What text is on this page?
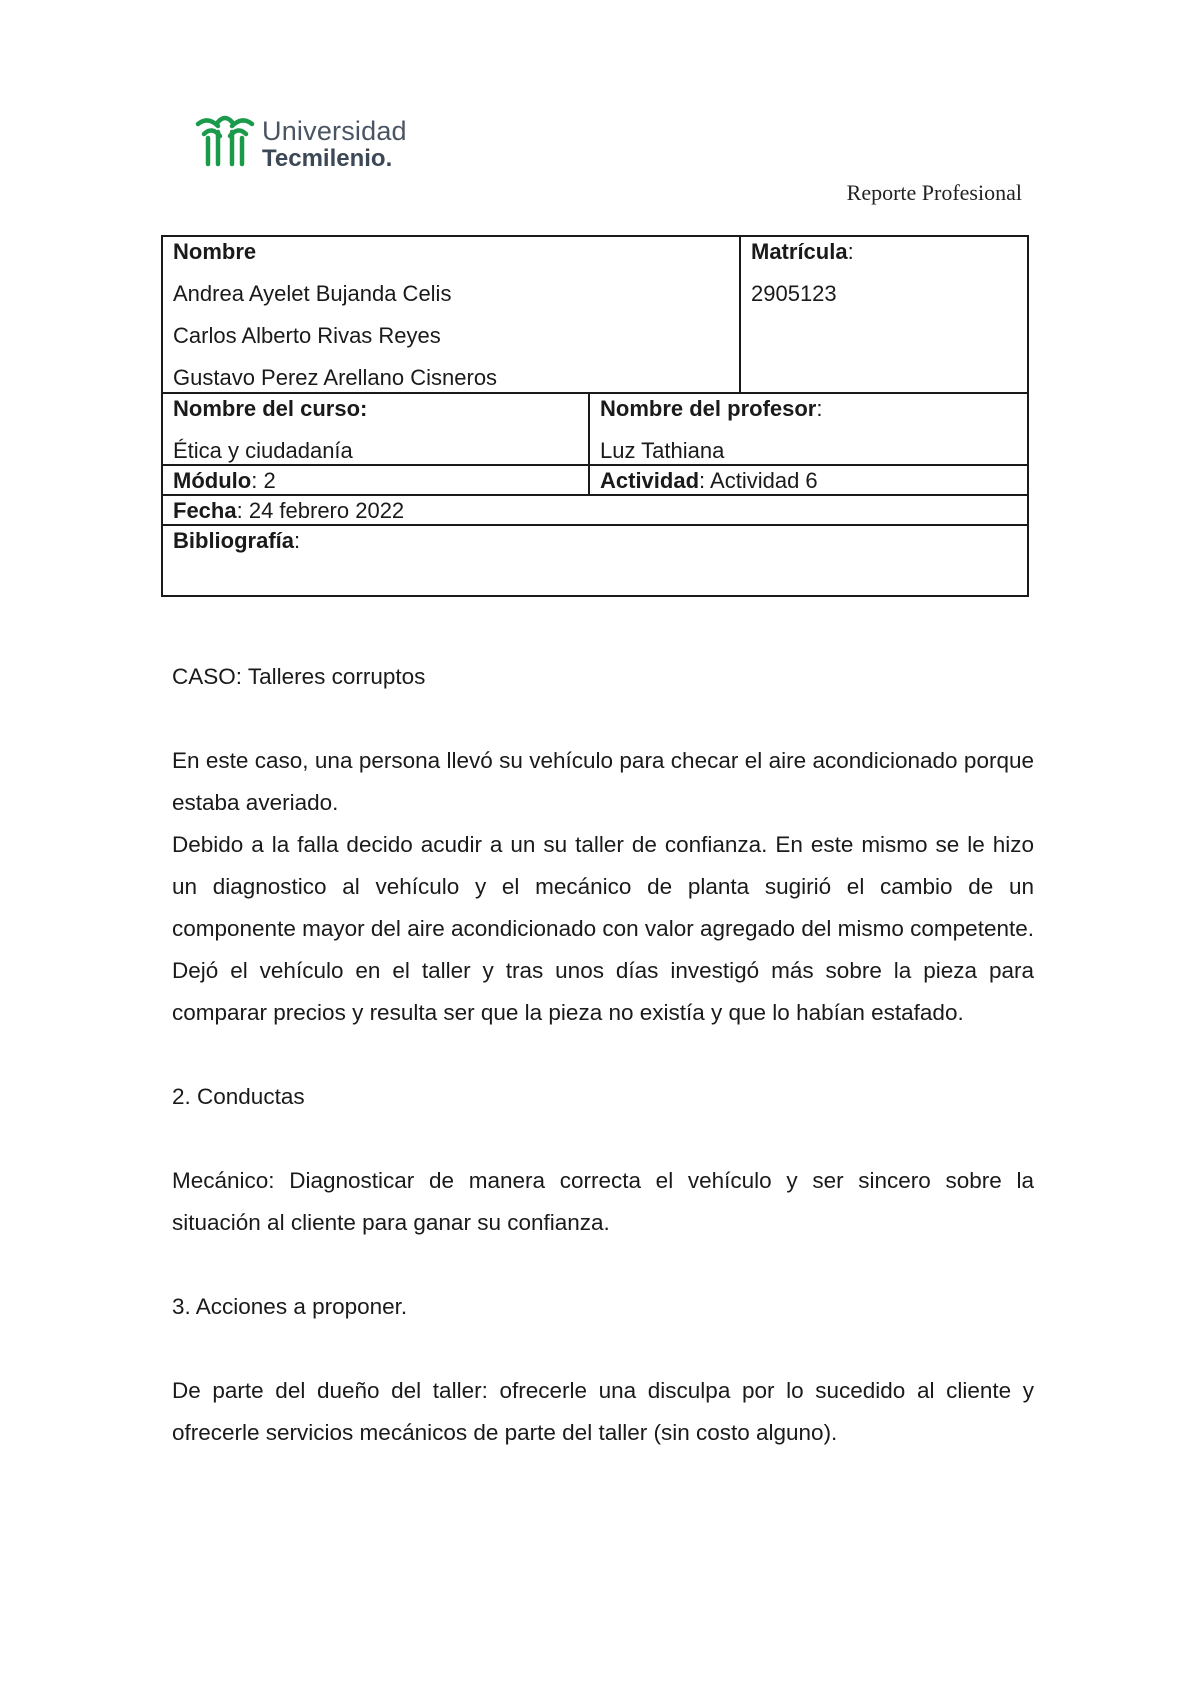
Universidad
Tecmilenio.
Reporte Profesional
Nombre
Andrea Ayelet Bujanda Celis
Carlos Alberto Rivas Reyes
Gustavo Perez Arellano Cisneros
Matrícula:
2905123
Nombre del curso:
Ética y ciudadanía
Nombre del profesor:
Luz Tathiana
Módulo: 2	Actividad: Actividad 6
Fecha: 24 febrero 2022
Bibliografía:

CASO: Talleres corruptos

En este caso, una persona llevó su vehículo para checar el aire acondicionado porque estaba averiado.

Debido a la falla decido acudir a un su taller de confianza. En este mismo se le hizo un diagnostico al vehículo y el mecánico de planta sugirió el cambio de un componente mayor del aire acondicionado con valor agregado del mismo competente. Dejó el vehículo en el taller y tras unos días investigó más sobre la pieza para comparar precios y resulta ser que la pieza no existía y que lo habían estafado.

2. Conductas

Mecánico: Diagnosticar de manera correcta el vehículo y ser sincero sobre la situación al cliente para ganar su confianza.

3. Acciones a proponer.

De parte del dueño del taller: ofrecerle una disculpa por lo sucedido al cliente y ofrecerle servicios mecánicos de parte del taller (sin costo alguno).
